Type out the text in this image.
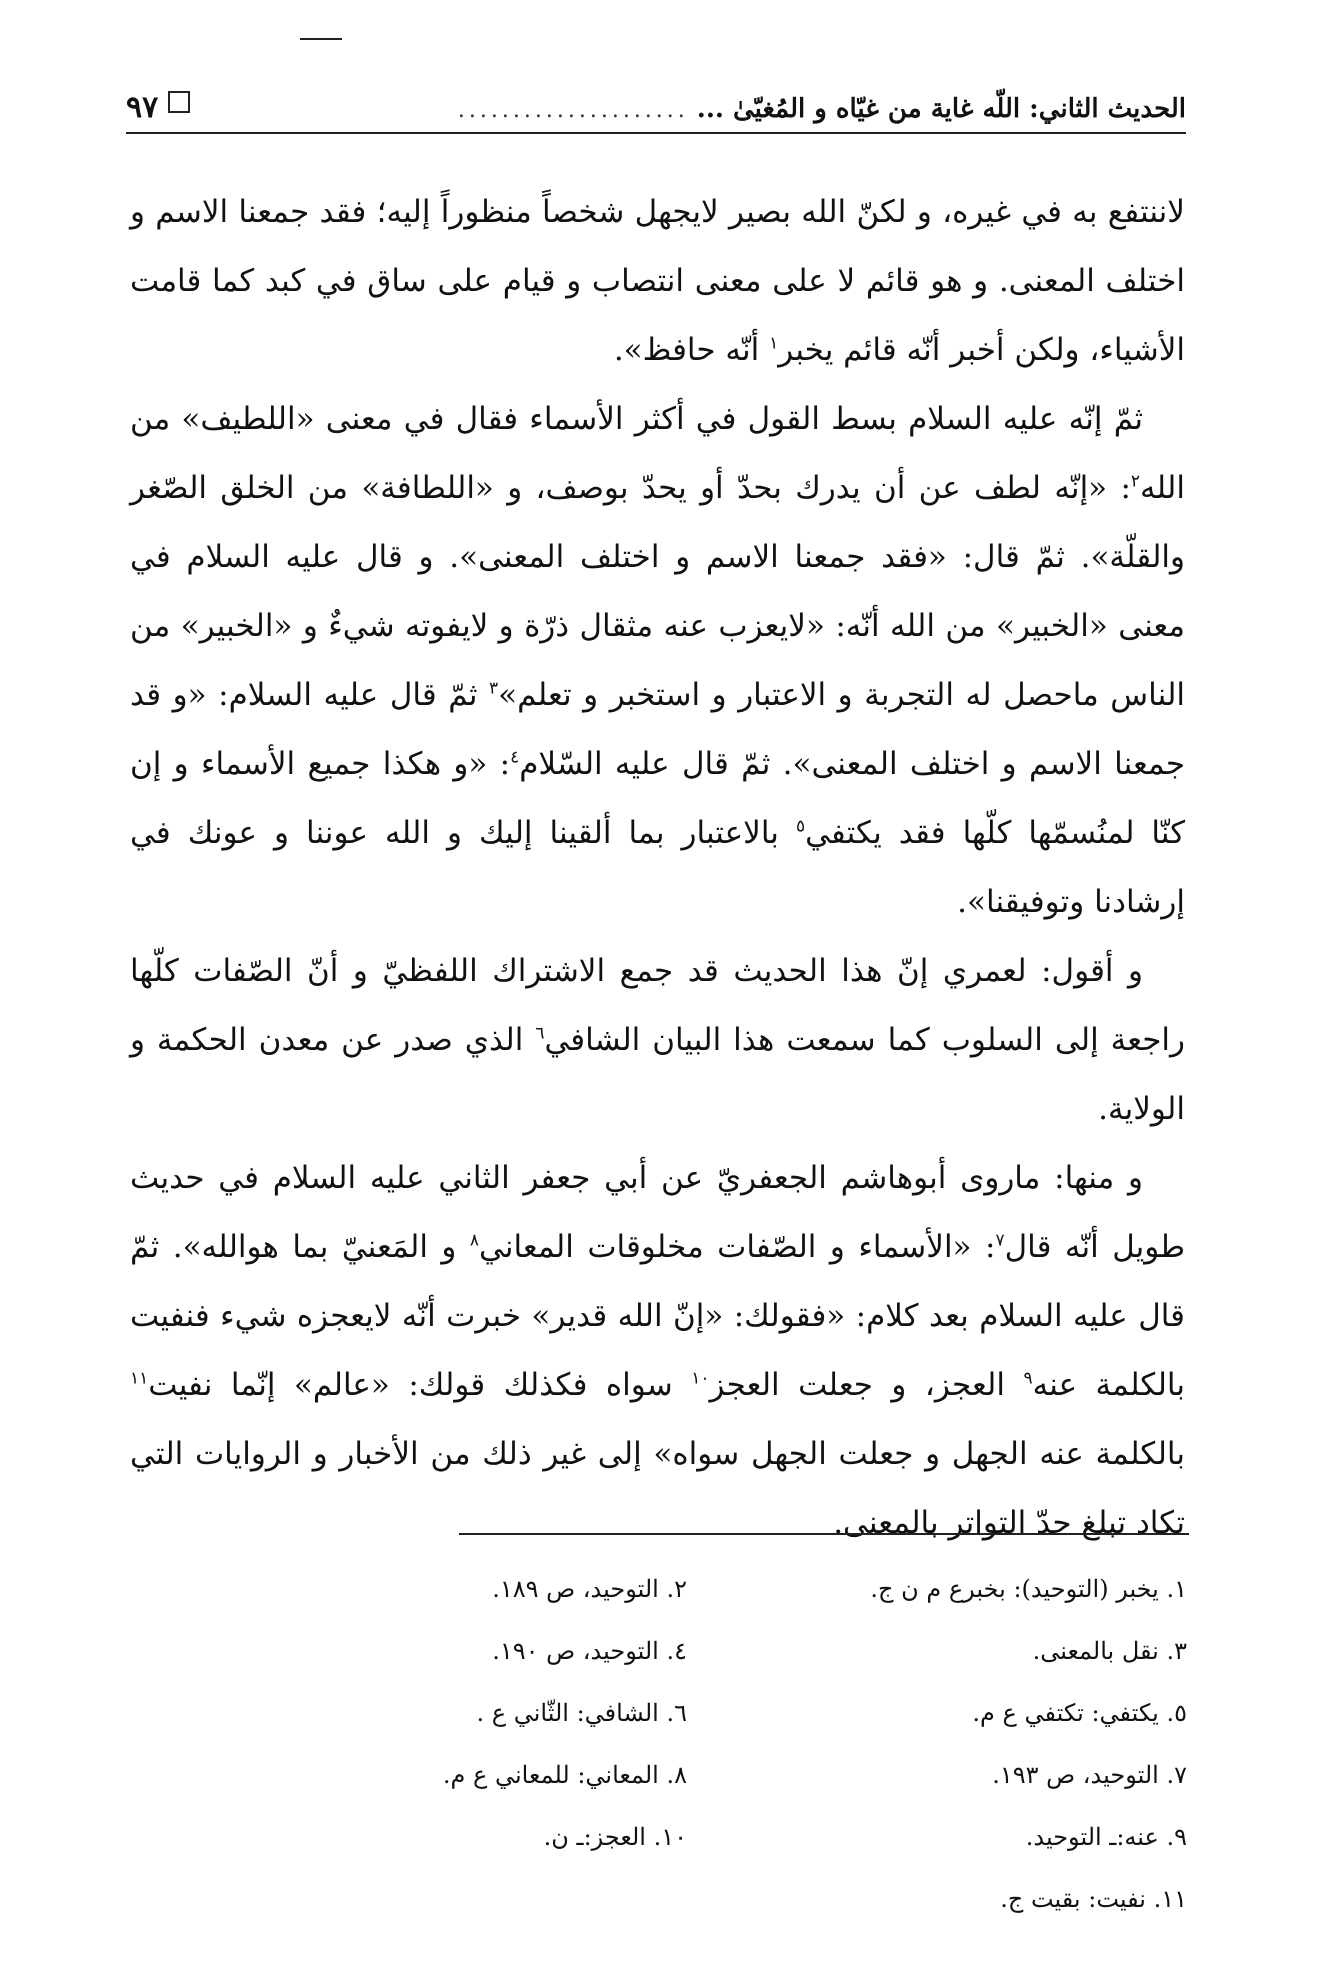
الحديث الثاني: اللّه غاية من غيّاه و المُغيّىٰ ...
.....................
٩٧

لاننتفع به في غيره، و لكنّ الله بصير لايجهل شخصاً منظوراً إليه؛ فقد جمعنا الاسم و اختلف المعنى. و هو قائم لا على معنى انتصاب و قيام على ساق في كبد كما قامت الأشياء، ولكن أخبر أنّه قائم يخبر$^١$ أنّه حافظ».

ثمّ إنّه عليه السلام بسط القول في أكثر الأسماء فقال في معنى «اللطيف» من الله$^٢$: «إنّه لطف عن أن يدرك بحدّ أو يحدّ بوصف، و «اللطافة» من الخلق الصّغر والقلّة». ثمّ قال: «فقد جمعنا الاسم و اختلف المعنى». و قال عليه السلام في معنى «الخبير» من الله أنّه: «لايعزب عنه مثقال ذرّة و لايفوته شيءٌ و «الخبير» من الناس ماحصل له التجربة و الاعتبار و استخبر و تعلم»$^٣$ ثمّ قال عليه السلام: «و قد جمعنا الاسم و اختلف المعنى». ثمّ قال عليه السّلام$^٤$: «و هكذا جميع الأسماء و إن كنّا لمنُسمّها كلّها فقد يكتفي$^٥$ بالاعتبار بما ألقينا إليك و الله عوننا و عونك في إرشادنا وتوفيقنا».

و أقول: لعمري إنّ هذا الحديث قد جمع الاشتراك اللفظيّ و أنّ الصّفات كلّها راجعة إلى السلوب كما سمعت هذا البيان الشافي$^٦$ الذي صدر عن معدن الحكمة و الولاية.

و منها: ماروى أبوهاشم الجعفريّ عن أبي جعفر الثاني عليه السلام في حديث طويل أنّه قال$^٧$: «الأسماء و الصّفات مخلوقات المعاني$^٨$ و المَعنيّ بما هوالله». ثمّ قال عليه السلام بعد كلام: «فقولك: «إنّ الله قدير» خبرت أنّه لايعجزه شيء فنفيت بالكلمة عنه$^٩$ العجز، و جعلت العجز$^{١٠}$ سواه فكذلك قولك: «عالم» إنّما نفيت$^{١١}$ بالكلمة عنه الجهل و جعلت الجهل سواه» إلى غير ذلك من الأخبار و الروايات التي تكاد تبلغ حدّ التواتر بالمعنى.

١. يخبر (التوحيد): بخبرع م ن ج.
٢. التوحيد، ص ١٨٩.
٣. نقل بالمعنى.
٤. التوحيد، ص ١٩٠.
٥. يكتفي: تكتفي ع م.
٦. الشافي: الثّاني ع .
٧. التوحيد، ص ١٩٣.
٨. المعاني: للمعاني ع م.
٩. عنه:ـ التوحيد.
١٠. العجز:ـ ن.
١١. نفيت: بقيت ج.
